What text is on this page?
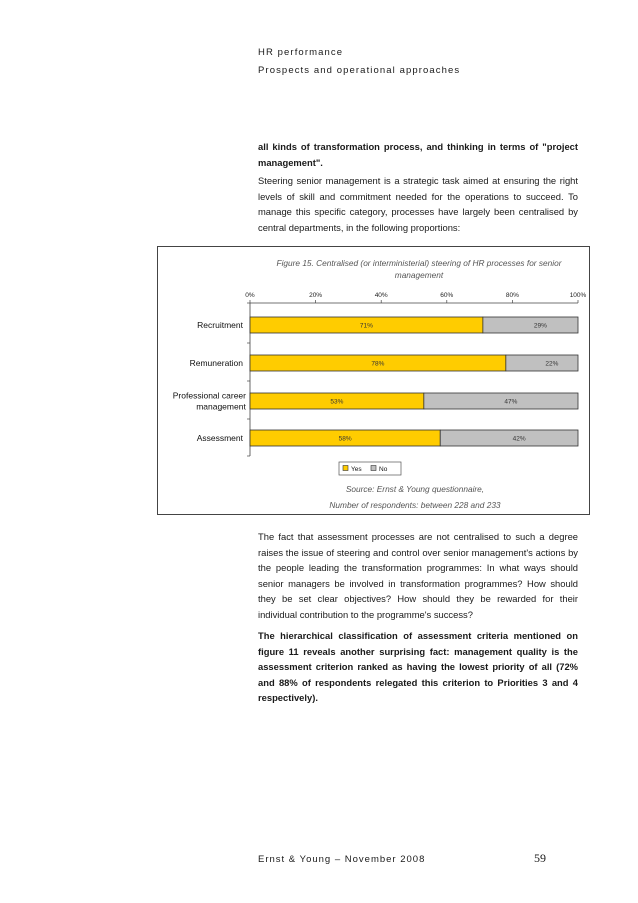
HR performance
Prospects and operational approaches
all kinds of transformation process, and thinking in terms of "project management".
Steering senior management is a strategic task aimed at ensuring the right levels of skill and commitment needed for the operations to succeed. To manage this specific category, processes have largely been centralised by central departments, in the following proportions:
Figure 15. Centralised (or interministerial) steering of HR processes for senior management
0%	20%	40%	60%	80%	100%
71%	29%
Recruitment
78%	22%
Remuneration
53%	47%
Professional career
management
58%	42%
Assessment
Yes	No
Source: Ernst & Young questionnaire,
Number of respondents: between 228 and 233
The fact that assessment processes are not centralised to such a degree raises the issue of steering and control over senior management's actions by the people leading the transformation programmes: In what ways should senior managers be involved in transformation programmes? How should they be set clear objectives? How should they be rewarded for their individual contribution to the programme's success?
The hierarchical classification of assessment criteria mentioned on figure 11 reveals another surprising fact: management quality is the assessment criterion ranked as having the lowest priority of all (72% and 88% of respondents relegated this criterion to Priorities 3 and 4 respectively).
Ernst & Young – November 2008	59
